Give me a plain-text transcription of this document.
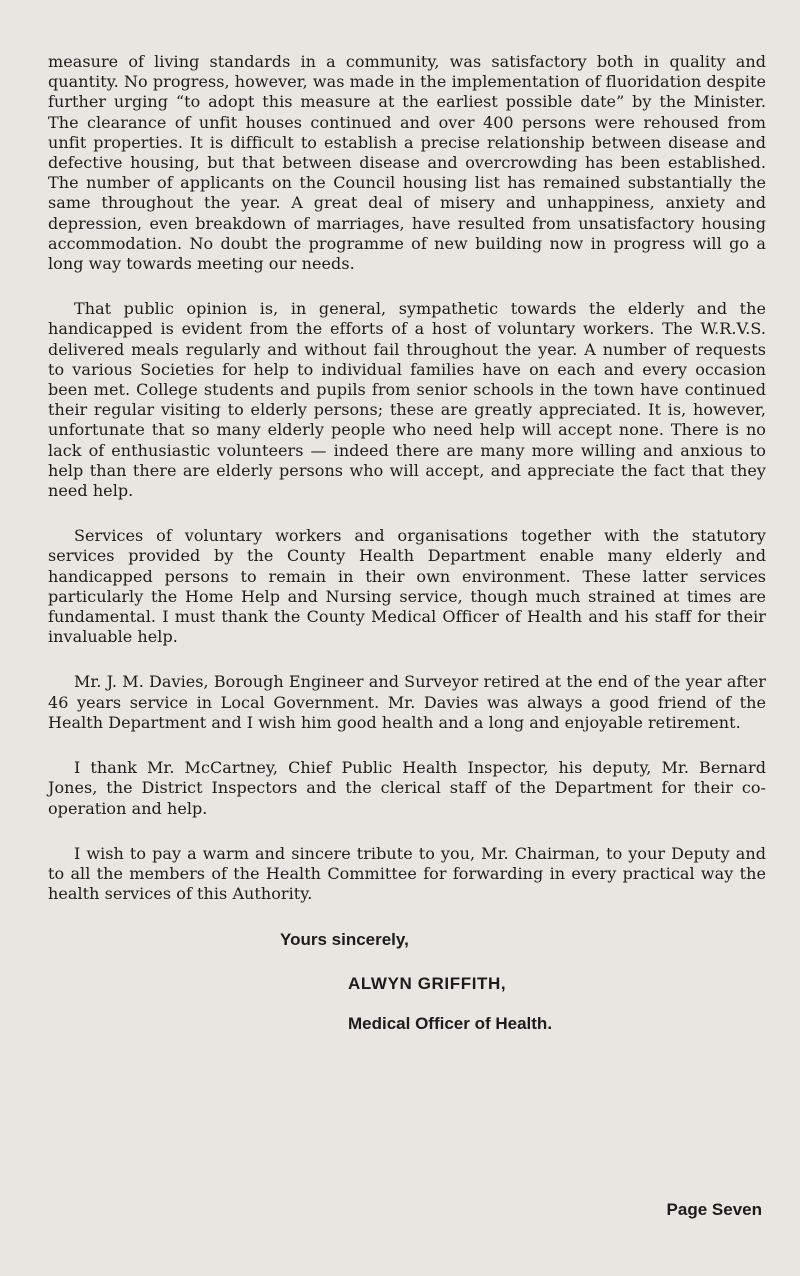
measure of living standards in a community, was satisfactory both in quality and quantity. No progress, however, was made in the implementation of fluoridation despite further urging “to adopt this measure at the earliest possible date” by the Minister. The clearance of unfit houses continued and over 400 persons were rehoused from unfit properties. It is difficult to establish a precise relationship between disease and defective housing, but that between disease and overcrowding has been established. The number of applicants on the Council housing list has remained substantially the same throughout the year. A great deal of misery and unhappiness, anxiety and depression, even breakdown of marriages, have resulted from unsatisfactory housing accommodation. No doubt the programme of new building now in progress will go a long way towards meeting our needs.

That public opinion is, in general, sympathetic towards the elderly and the handicapped is evident from the efforts of a host of voluntary workers. The W.R.V.S. delivered meals regularly and without fail throughout the year. A number of requests to various Societies for help to individual families have on each and every occasion been met. College students and pupils from senior schools in the town have continued their regular visiting to elderly persons; these are greatly appreciated. It is, however, unfortunate that so many elderly people who need help will accept none. There is no lack of enthusiastic volunteers — indeed there are many more willing and anxious to help than there are elderly persons who will accept, and appreciate the fact that they need help.

Services of voluntary workers and organisations together with the statutory services provided by the County Health Department enable many elderly and handicapped persons to remain in their own environment. These latter services particularly the Home Help and Nursing service, though much strained at times are fundamental. I must thank the County Medical Officer of Health and his staff for their invaluable help.

Mr. J. M. Davies, Borough Engineer and Surveyor retired at the end of the year after 46 years service in Local Government. Mr. Davies was always a good friend of the Health Department and I wish him good health and a long and enjoyable retirement.

I thank Mr. McCartney, Chief Public Health Inspector, his deputy, Mr. Bernard Jones, the District Inspectors and the clerical staff of the Department for their co-operation and help.

I wish to pay a warm and sincere tribute to you, Mr. Chairman, to your Deputy and to all the members of the Health Committee for forwarding in every practical way the health services of this Authority.

Yours sincerely,
ALWYN GRIFFITH,
Medical Officer of Health.
Page Seven
